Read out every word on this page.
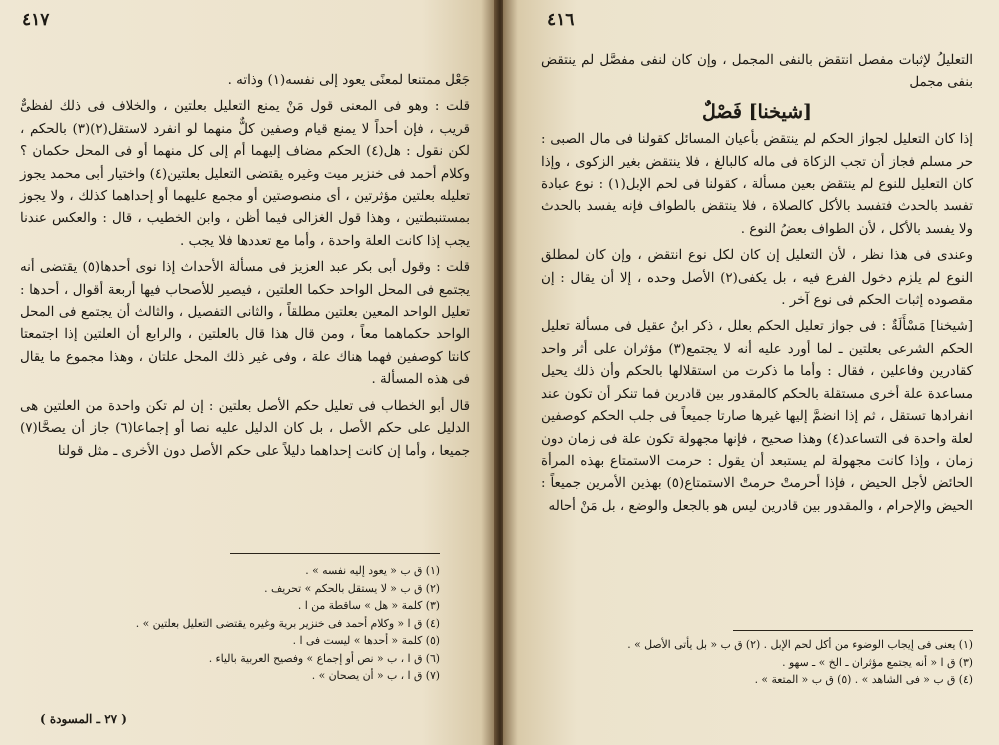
٤١٧

جَعْل ممتنعا لمعنًى يعود إلى نفسه(١) وذاته .

قلت : وهو فى المعنى قول مَنْ يمنع التعليل بعلتين ، والخلاف فى ذلك لفظىٌّ قريب ، فإن أحداً لا يمنع قيام وصفين كلٌّ منهما لو انفرد لاستقل(٢)(٣) بالحكم ، لكن نقول : هل(٤) الحكم مضاف إليهما أم إلى كل منهما أو فى المحل حكمان ؟ وكلام أحمد فى خنزير ميت وغيره يقتضى التعليل بعلتين(٤) واختيار أبى محمد يجوز تعليله بعلتين مؤثرتين ، أى منصوصتين أو مجمع عليهما أو إحداهما كذلك ، ولا يجوز بمستنبطتين ، وهذا قول الغزالى فيما أظن ، وابن الخطيب ، قال : والعكس عندنا يجب إذا كانت العلة واحدة ، وأما مع تعددها فلا يجب .

قلت : وقول أبى بكر عبد العزيز فى مسألة الأحداث إذا نوى أحدها(٥) يقتضى أنه يجتمع فى المحل الواحد حكما العلتين ، فيصير للأصحاب فيها أربعة أقوال ، أحدها : تعليل الواحد المعين بعلتين مطلقاً ، والثانى التفصيل ، والثالث أن يجتمع فى المحل الواحد حكماهما معاً ، ومن قال هذا قال بالعلتين ، والرابع أن العلتين إذا اجتمعتا كانتا كوصفين فهما هناك علة ، وفى غير ذلك المحل علتان ، وهذا مجموع ما يقال فى هذه المسألة .

قال أبو الخطاب فى تعليل حكم الأصل بعلتين : إن لم تكن واحدة من العلتين هى الدليل على حكم الأصل ، بل كان الدليل عليه نصا أو إجماعا(٦) جاز أن يصحَّا(٧) جميعا ، وأما إن كانت إحداهما دليلاً على حكم الأصل دون الأخرى ـ مثل قولنا

(١) ق ب « يعود إليه نفسه » .
(٢) ق ب « لا يستقل بالحكم » تحريف .
(٣) كلمة « هل » ساقطة من ا .
(٤) ق ا « وكلام أحمد فى خنزير برية وغيره يقتضى التعليل بعلتين » .
(٥) كلمة « أحدها » ليست فى ا .
(٦) ق ا ، ب « نص أو إجماع » وفصيح العربية بالياء .
(٧) ق ا ، ب « أن يصحان » .
( ٢٧ ـ المسودة )
٤١٦

التعليلُ لإثبات مفصل انتقض بالنفى المجمل ، وإن كان لنفى مفصَّل لم ينتقض بنفى مجمل

[شيخنا] فَصْلٌ

إذا كان التعليل لجواز الحكم لم ينتقض بأعيان المسائل كقولنا فى مال الصبى : حر مسلم فجاز أن تجب الزكاة فى ماله كالبالغ ، فلا ينتقض بغير الزكوى ، وإذا كان التعليل للنوع لم ينتقض بعين مسألة ، كقولنا فى لحم الإبل(١) : نوع عبادة تفسد بالحدث فتفسد بالأكل كالصلاة ، فلا ينتقض بالطواف فإنه يفسد بالحدث ولا يفسد بالأكل ، لأن الطواف بعضُ النوع .

وعندى فى هذا نظر ، لأن التعليل إن كان لكل نوع انتقض ، وإن كان لمطلق النوع لم يلزم دخول الفرع فيه ، بل يكفى(٢) الأصل وحده ، إلا أن يقال : إن مقصوده إثبات الحكم فى نوع آخر .

[شيخنا] مَسْأَلَةٌ : فى جواز تعليل الحكم بعلل ، ذكر ابنُ عقيل فى مسألة تعليل الحكم الشرعى بعلتين ـ لما أورد عليه أنه لا يجتمع(٣) مؤثران على أثر واحد كقادرين وفاعلين ، فقال : وأما ما ذكرت من استقلالها بالحكم وأن ذلك يحيل مساعدة علة أخرى مستقلة بالحكم كالمقدور بين قادرين فما تنكر أن تكون عند انفرادها تستقل ، ثم إذا انضمَّ إليها غيرها صارتا جميعاً فى جلب الحكم كوصفين لعلة واحدة فى التساعد(٤) وهذا صحيح ، فإنها مجهولة تكون علة فى زمان دون زمان ، وإذا كانت مجهولة لم يستبعد أن يقول : حرمت الاستمتاع بهذه المرأة الحائض لأجل الحيض ، فإذا أحرمتْ حرمتْ الاستمتاع(٥) بهذين الأمرين جميعاً : الحيض والإحرام ، والمقدور بين قادرين ليس هو بالجعل والوضع ، بل مَنْ أحاله

(١) يعنى فى إيجاب الوضوء من أكل لحم الإبل . (٢) ق ب « بل يأتى الأصل » .
(٣) ق ا « أنه يجتمع مؤثران ـ الخ » ـ سهو .
(٤) ق ب « فى الشاهد » . (٥) ق ب « المتعة » .
